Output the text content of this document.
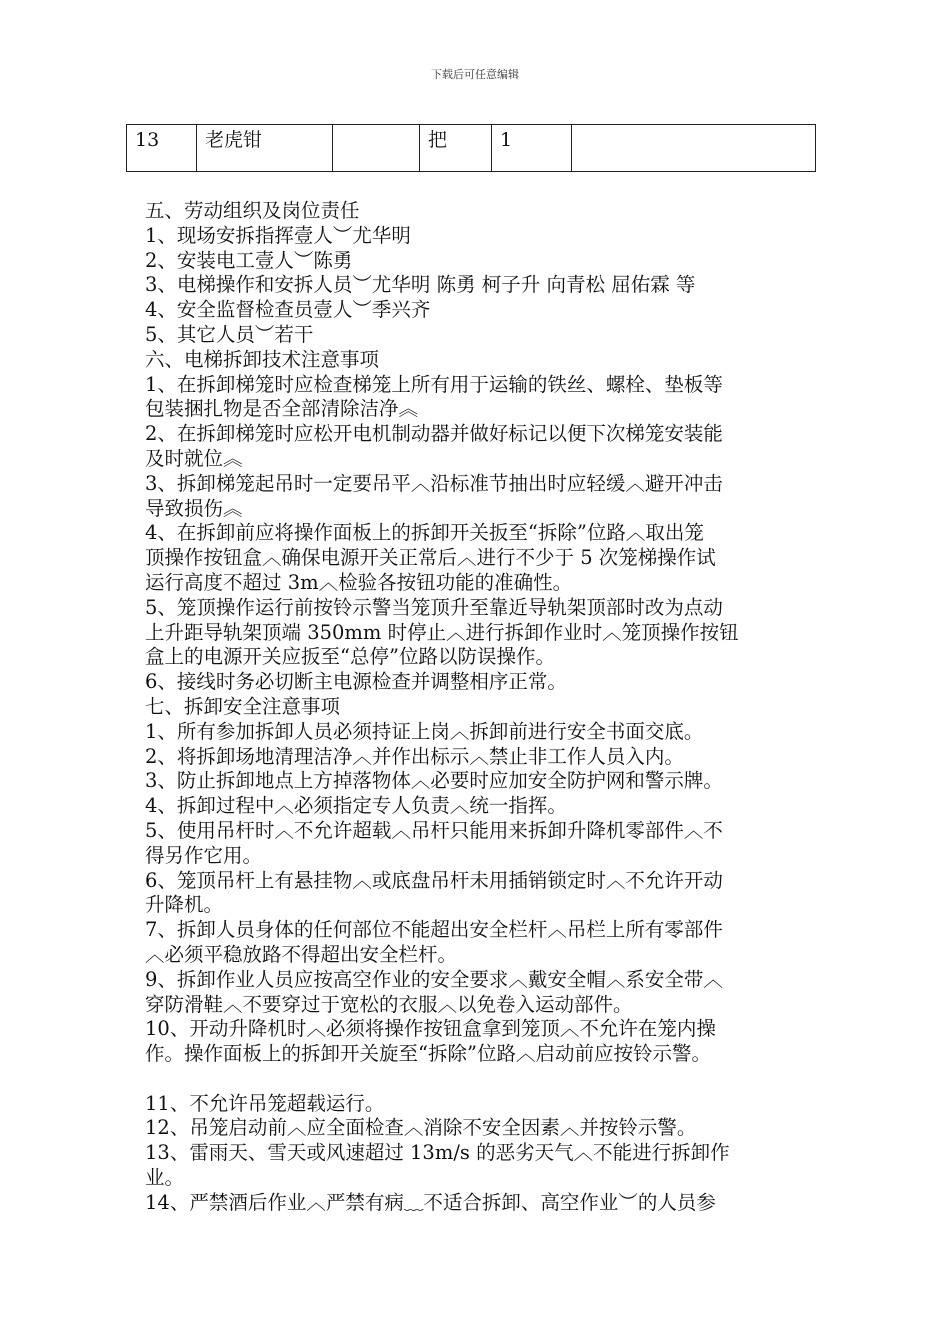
下载后可任意编辑
13	老虎钳		把	1	
五、劳动组织及岗位责任
1、现场安拆指挥壹人︶尤华明
2、安装电工壹人︶陈勇
3、电梯操作和安拆人员︶尤华明 陈勇 柯子升 向青松 屈佑霖 等
4、安全监督检查员壹人︶季兴齐
5、其它人员︶若干
六、电梯拆卸技术注意事项
1、在拆卸梯笼时应检查梯笼上所有用于运输的铁丝、螺栓、垫板等
包装捆扎物是否全部清除洁净︽
2、在拆卸梯笼时应松开电机制动器并做好标记以便下次梯笼安装能
及时就位︽
3、拆卸梯笼起吊时一定要吊平︿沿标准节抽出时应轻缓︿避开冲击
导致损伤︽
4、在拆卸前应将操作面板上的拆卸开关扳至“拆除”位路︿取出笼
顶操作按钮盒︿确保电源开关正常后︿进行不少于 5 次笼梯操作试
运行高度不超过 3m︿检验各按钮功能的准确性。
5、笼顶操作运行前按铃示警当笼顶升至靠近导轨架顶部时改为点动
上升距导轨架顶端 350mm 时停止︿进行拆卸作业时︿笼顶操作按钮
盒上的电源开关应扳至“总停”位路以防误操作。
6、接线时务必切断主电源检查并调整相序正常。
七、拆卸安全注意事项
1、所有参加拆卸人员必须持证上岗︿拆卸前进行安全书面交底。
2、将拆卸场地清理洁净︿并作出标示︿禁止非工作人员入内。
3、防止拆卸地点上方掉落物体︿必要时应加安全防护网和警示牌。
4、拆卸过程中︿必须指定专人负责︿统一指挥。
5、使用吊杆时︿不允许超载︿吊杆只能用来拆卸升降机零部件︿不
得另作它用。
6、笼顶吊杆上有悬挂物︿或底盘吊杆未用插销锁定时︿不允许开动
升降机。
7、拆卸人员身体的任何部位不能超出安全栏杆︿吊栏上所有零部件
︿必须平稳放路不得超出安全栏杆。
9、拆卸作业人员应按高空作业的安全要求︿戴安全帽︿系安全带︿
穿防滑鞋︿不要穿过于宽松的衣服︿以免卷入运动部件。
10、开动升降机时︿必须将操作按钮盒拿到笼顶︿不允许在笼内操
作。操作面板上的拆卸开关旋至“拆除”位路︿启动前应按铃示警。
11、不允许吊笼超载运行。
12、吊笼启动前︿应全面检查︿消除不安全因素︿并按铃示警。
13、雷雨天、雪天或风速超过 13m/s 的恶劣天气︿不能进行拆卸作
业。
14、严禁酒后作业︿严禁有病﹏不适合拆卸、高空作业︶的人员参
